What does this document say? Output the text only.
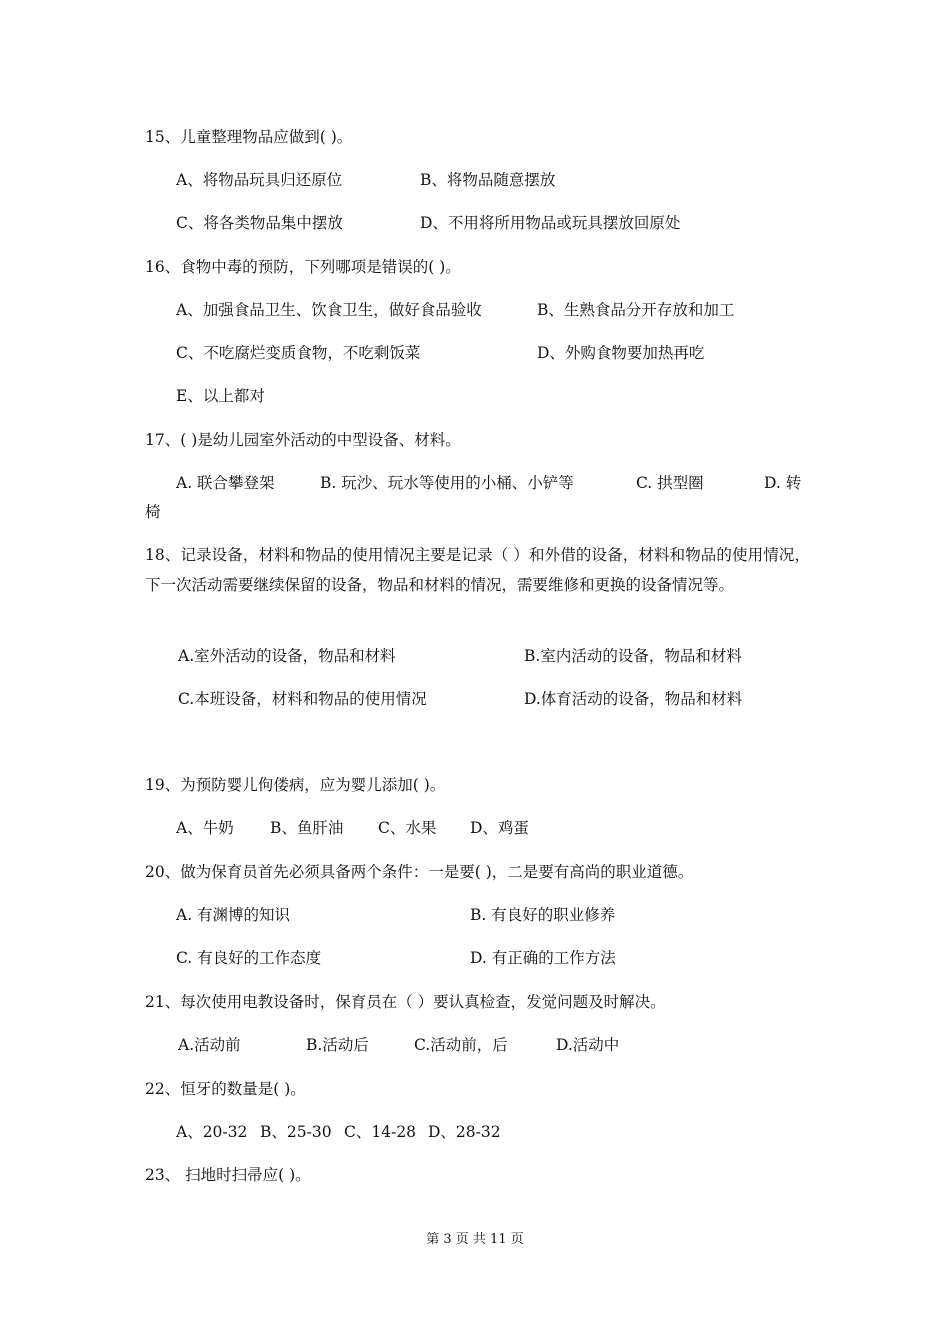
15、儿童整理物品应做到( )。
A、将物品玩具归还原位	B、将物品随意摆放
C、将各类物品集中摆放	D、不用将所用物品或玩具摆放回原处
16、食物中毒的预防，下列哪项是错误的( )。
A、加强食品卫生、饮食卫生，做好食品验收	B、生熟食品分开存放和加工
C、不吃腐烂变质食物，不吃剩饭菜	D、外购食物要加热再吃
E、以上都对
17、( )是幼儿园室外活动的中型设备、材料。
A. 联合攀登架	B. 玩沙、玩水等使用的小桶、小铲等	C. 拱型圈	D. 转
椅
18、记录设备，材料和物品的使用情况主要是记录（ ）和外借的设备，材料和物品的使用情况，下一次活动需要继续保留的设备，物品和材料的情况，需要维修和更换的设备情况等。
A.室外活动的设备，物品和材料	B.室内活动的设备，物品和材料
C.本班设备，材料和物品的使用情况	D.体育活动的设备，物品和材料
19、为预防婴儿佝偻病，应为婴儿添加( )。
A、牛奶 B、鱼肝油 C、水果 D、鸡蛋
20、做为保育员首先必须具备两个条件：一是要( )，二是要有高尚的职业道德。
A. 有渊博的知识	B. 有良好的职业修养
C. 有良好的工作态度	D. 有正确的工作方法
21、每次使用电教设备时，保育员在（ ）要认真检查，发觉问题及时解决。
A.活动前	B.活动后	C.活动前，后	D.活动中
22、恒牙的数量是( )。
A、20-32 B、25-30 C、14-28 D、28-32
23、 扫地时扫帚应( )。
第 3 页 共 11 页
